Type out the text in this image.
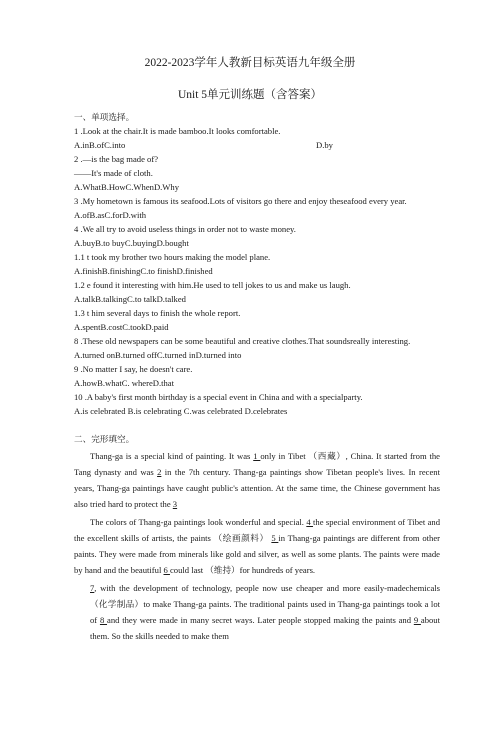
2022-2023学年人教新目标英语九年级全册
Unit 5单元训练题（含答案）
一、单项选择。
1 .Look at the chair.It is made bamboo.It looks comfortable.
A.inB.ofC.into	D.by
2 .—is the bag made of?
——It's made of cloth.
A.WhatB.HowC.WhenD.Why
3 .My hometown is famous its seafood.Lots of visitors go there and enjoy theseafood every year.
A.ofB.asC.forD.with
4 .We all try to avoid useless things in order not to waste money.
A.buyB.to buyC.buyingD.bought
1.1 t took my brother two hours making the model plane.
A.finishB.finishingC.to finishD.finished
1.2 e found it interesting with him.He used to tell jokes to us and make us laugh.
A.talkB.talkingC.to talkD.talked
1.3 t him several days to finish the whole report.
A.spentB.costC.tookD.paid
8 .These old newspapers can be some beautiful and creative clothes.That soundsreally interesting.
A.turned onB.turned offC.turned inD.turned into
9 .No matter I say, he doesn't care.
A.howB.whatC. whereD.that
10 .A baby's first month birthday is a special event in China and with a specialparty.
A.is celebrated B.is celebrating C.was celebrated D.celebrates
二、完形填空。
Thang-ga is a special kind of painting. It was 1 only in Tibet （西藏）, China. It started from the Tang dynasty and was 2 in the 7th century. Thang-ga paintings show Tibetan people's lives. In recent years, Thang-ga paintings have caught public's attention. At the same time, the Chinese government has also tried hard to protect the 3
The colors of Thang-ga paintings look wonderful and special. 4 the special environment of Tibet and the excellent skills of artists, the paints （绘画颜料） 5 in Thang-ga paintings are different from other paints. They were made from minerals like gold and silver, as well as some plants. The paints were made by hand and the beautiful 6 could last （维持）for hundreds of years.
7, with the development of technology, people now use cheaper and more easily-madechemicals （化学制品）to make Thang-ga paints. The traditional paints used in Thang-ga paintings took a lot of 8 and they were made in many secret ways. Later people stopped making the paints and 9 about them. So the skills needed to make them
